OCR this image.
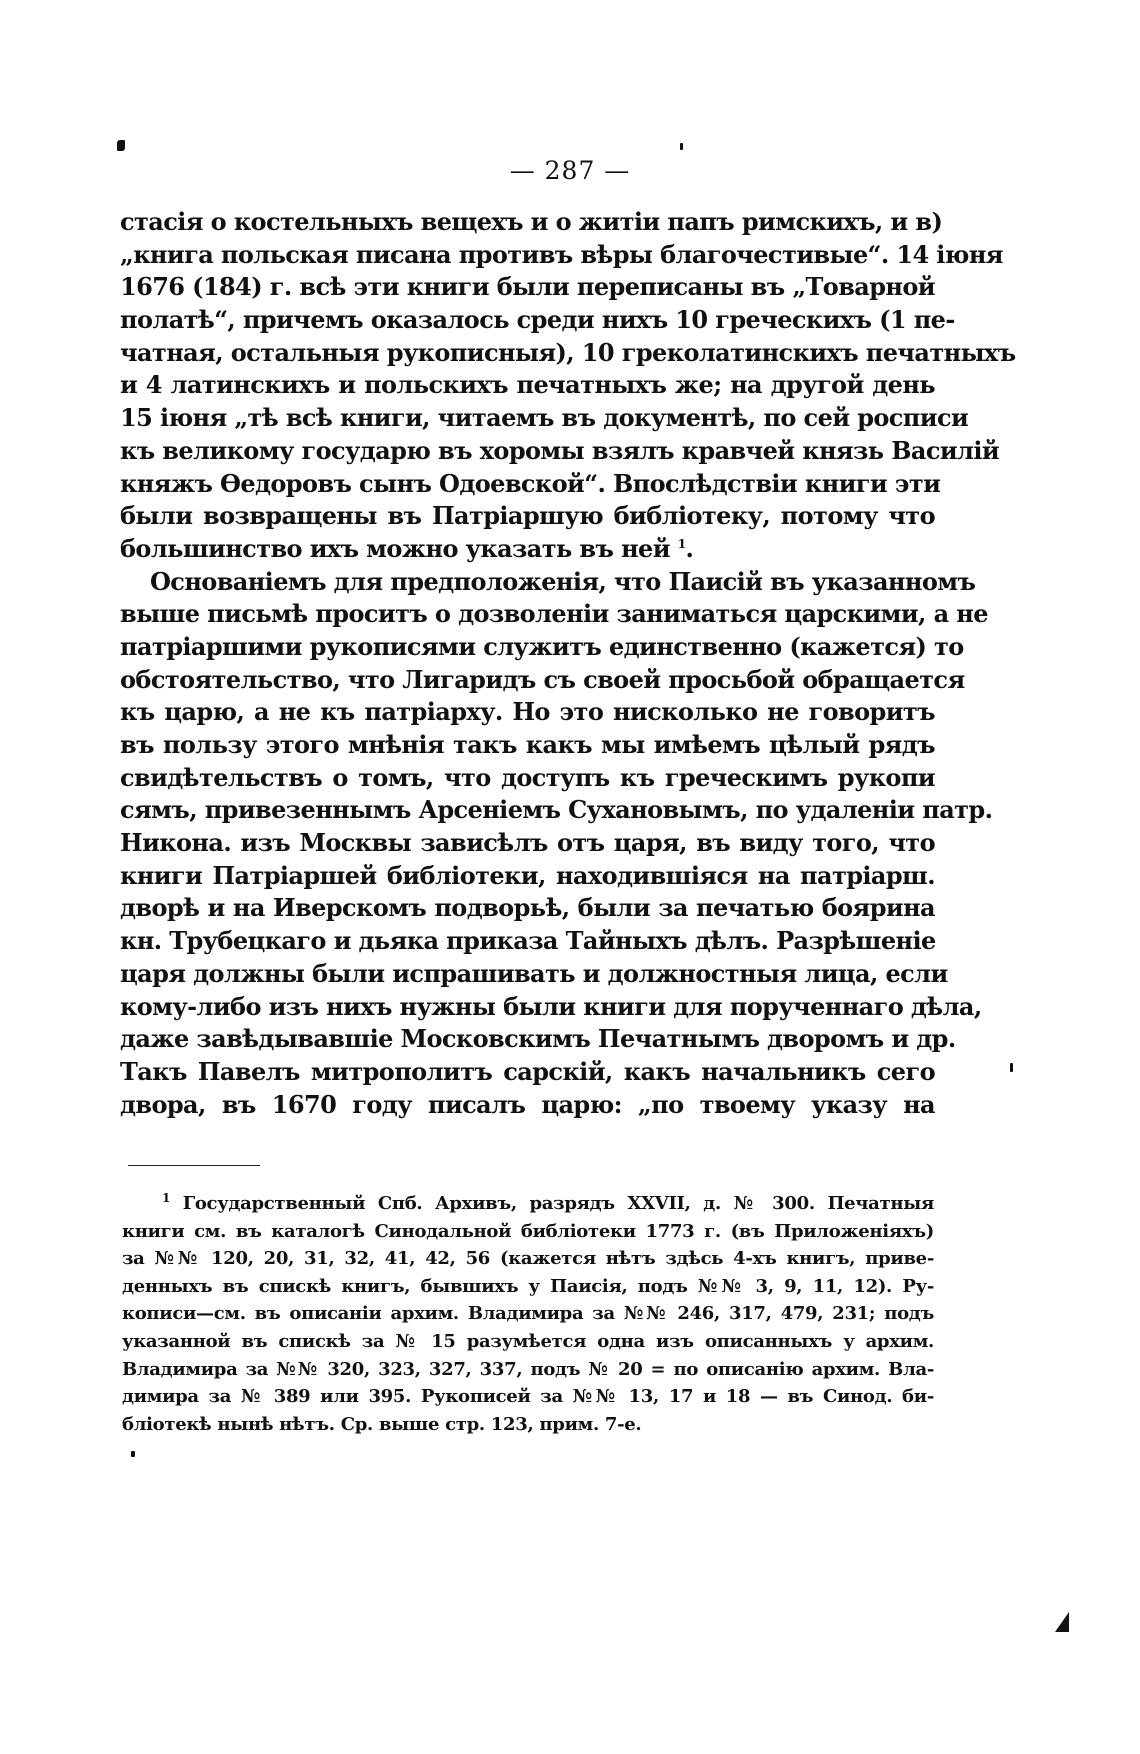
— 287 —
стасія о костельныхъ вещехъ и о житіи папъ римскихъ, и в)
„книга польская писана противъ вѣры благочестивые“. 14 іюня
1676 (184) г. всѣ эти книги были переписаны въ „Товарной
полатѣ“, причемъ оказалось среди нихъ 10 греческихъ (1 пе-
чатная, остальныя рукописныя), 10 греколатинскихъ печатныхъ
и 4 латинскихъ и польскихъ печатныхъ же; на другой день
15 іюня „тѣ всѣ книги, читаемъ въ документѣ, по сей росписи
къ великому государю въ хоромы взялъ кравчей князь Василій
княжъ Ѳедоровъ сынъ Одоевской“. Впослѣдствіи книги эти
были возвращены въ Патріаршую библіотеку, потому что
большинство ихъ можно указать въ ней $^1$.
Основаніемъ для предположенія, что Паисій въ указанномъ
выше письмѣ проситъ о дозволеніи заниматься царскими, а не
патріаршими рукописями служитъ единственно (кажется) то
обстоятельство, что Лигаридъ съ своей просьбой обращается
къ царю, а не къ патріарху. Но это нисколько не говоритъ
въ пользу этого мнѣнія такъ какъ мы имѣемъ цѣлый рядъ
свидѣтельствъ о томъ, что доступъ къ греческимъ рукопи
сямъ, привезеннымъ Арсеніемъ Сухановымъ, по удаленіи патр.
Никона. изъ Москвы зависѣлъ отъ царя, въ виду того, что
книги Патріаршей библіотеки, находившіяся на патріарш.
дворѣ и на Иверскомъ подворьѣ, были за печатью боярина
кн. Трубецкаго и дьяка приказа Тайныхъ дѣлъ. Разрѣшеніе
царя должны были испрашивать и должностныя лица, если
кому-либо изъ нихъ нужны были книги для порученнаго дѣла,
даже завѣдывавшіе Московскимъ Печатнымъ дворомъ и др.
Такъ Павелъ митрополитъ сарскій, какъ начальникъ сего
двора, въ 1670 году писалъ царю: „по твоему указу на
$^1$ Государственный Спб. Архивъ, разрядъ XXVII, д. № 300. Печатныя
книги см. въ каталогѣ Синодальной библіотеки 1773 г. (въ Приложеніяхъ)
за №№ 120, 20, 31, 32, 41, 42, 56 (кажется нѣтъ здѣсь 4-хъ книгъ, приве-
денныхъ въ спискѣ книгъ, бывшихъ у Паисія, подъ №№ 3, 9, 11, 12). Ру-
кописи—см. въ описаніи архим. Владимира за №№ 246, 317, 479, 231; подъ
указанной въ спискѣ за № 15 разумѣется одна изъ описанныхъ у архим.
Владимира за №№ 320, 323, 327, 337, подъ № 20 = по описанію архим. Вла-
димира за № 389 или 395. Рукописей за №№ 13, 17 и 18 — въ Синод. би-
бліотекѣ нынѣ нѣтъ. Ср. выше стр. 123, прим. 7-е.
